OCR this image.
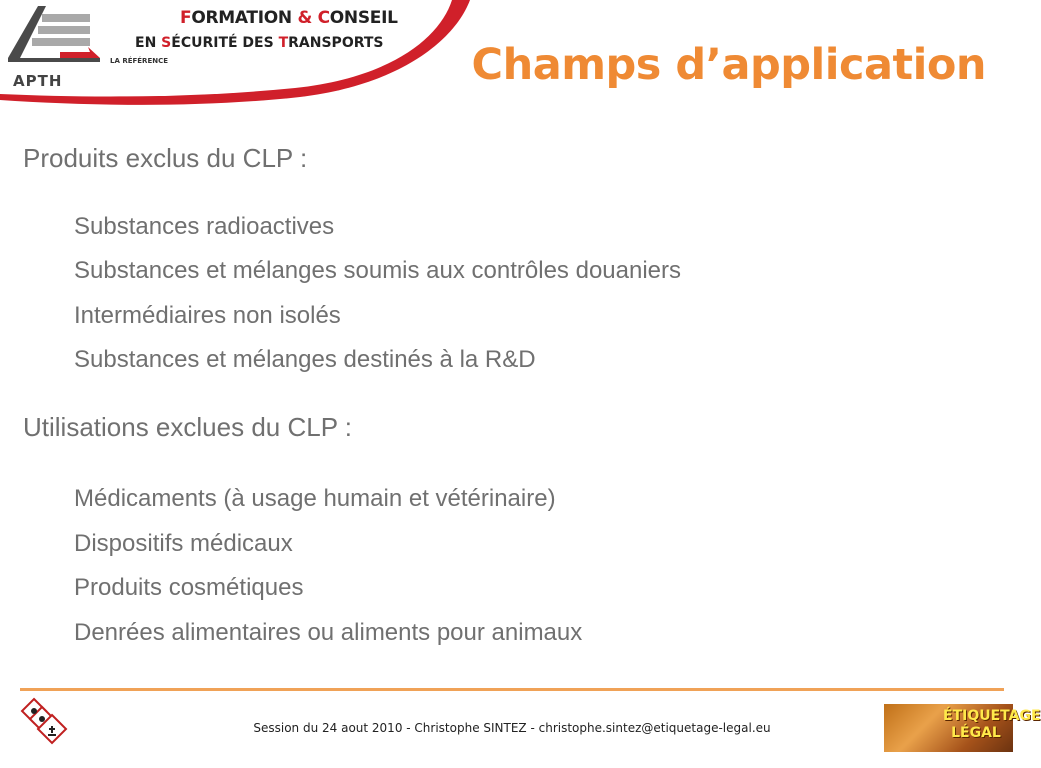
APTH
FORMATION & CONSEIL
EN SÉCURITÉ DES TRANSPORTS
LA RÉFÉRENCE	Champs d’application
Produits exclus du CLP :
Substances radioactives
Substances et mélanges soumis aux contrôles douaniers
Intermédiaires non isolés
Substances et mélanges destinés à la R&D
Utilisations exclues du CLP :
Médicaments (à usage humain et vétérinaire)
Dispositifs médicaux
Produits cosmétiques
Denrées alimentaires ou aliments pour animaux
Session du 24 aout 2010 - Christophe SINTEZ - christophe.sintez@etiquetage-legal.eu
ÉTIQUETAGE
LÉGAL
